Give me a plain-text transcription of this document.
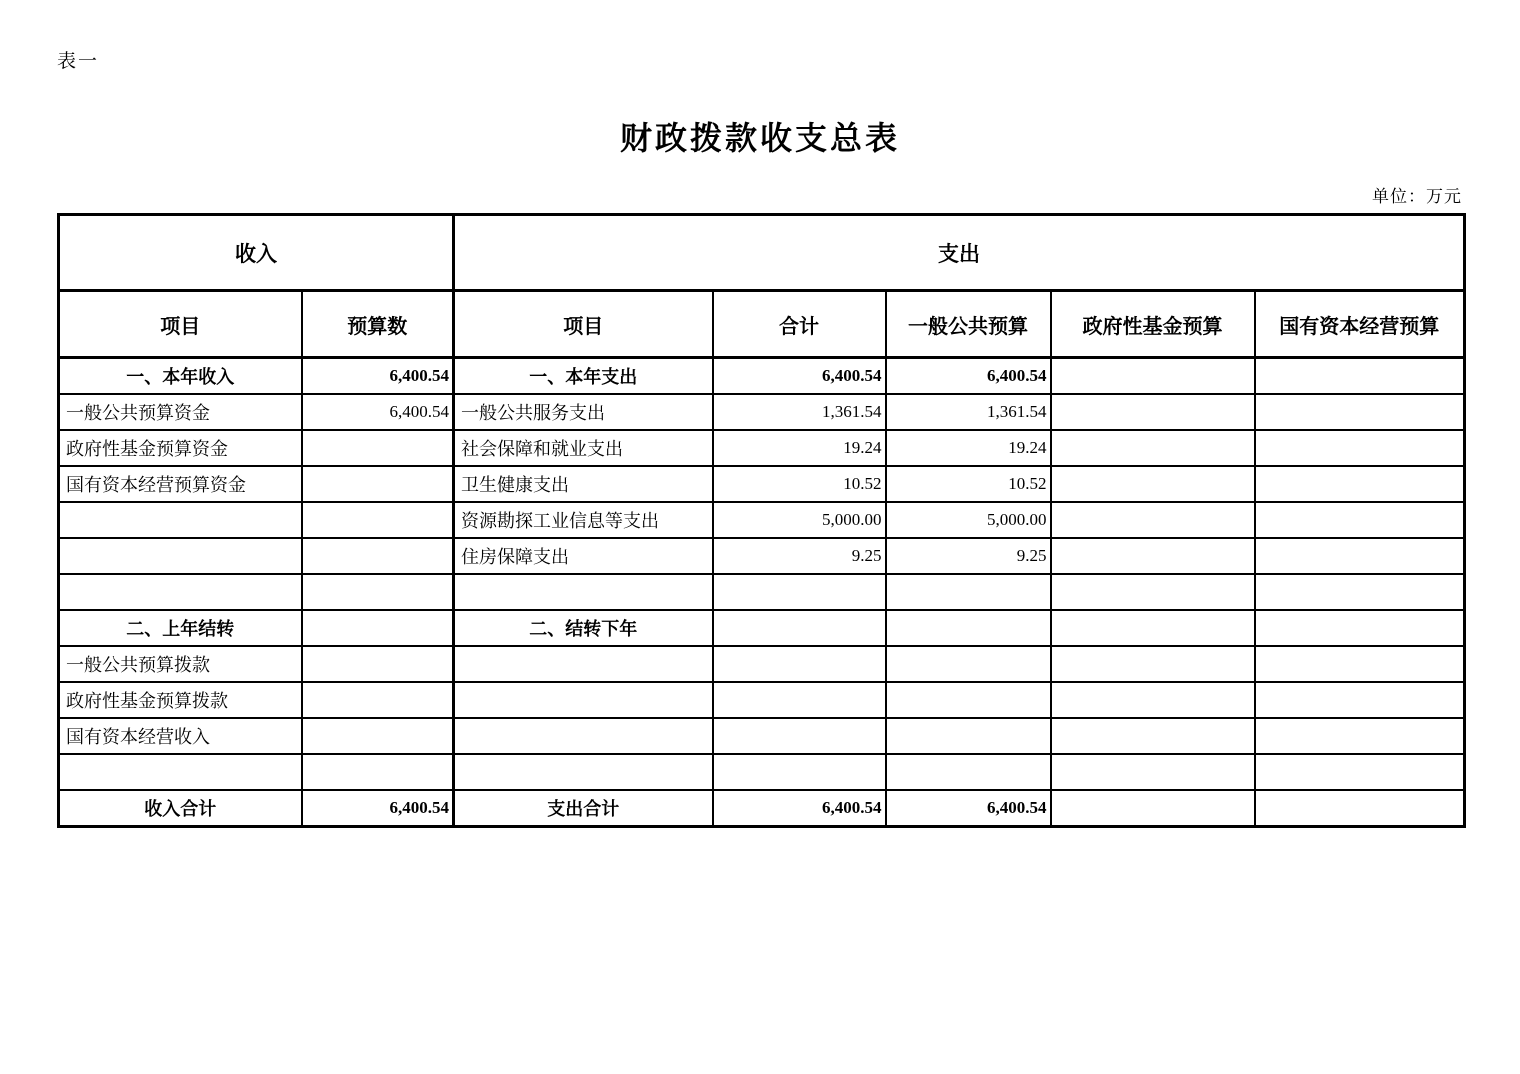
表一
财政拨款收支总表
单位：万元
收入		支出				
项目	预算数	项目	合计	一般公共预算	政府性基金预算	国有资本经营预算
一、本年收入	6,400.54	一、本年支出	6,400.54	6,400.54		
一般公共预算资金	6,400.54	一般公共服务支出	1,361.54	1,361.54		
政府性基金预算资金		社会保障和就业支出	19.24	19.24		
国有资本经营预算资金		卫生健康支出	10.52	10.52		
		资源勘探工业信息等支出	5,000.00	5,000.00		
		住房保障支出	9.25	9.25		

二、上年结转		二、结转下年				
一般公共预算拨款						
政府性基金预算拨款						
国有资本经营收入						

收入合计	6,400.54	支出合计	6,400.54	6,400.54		
